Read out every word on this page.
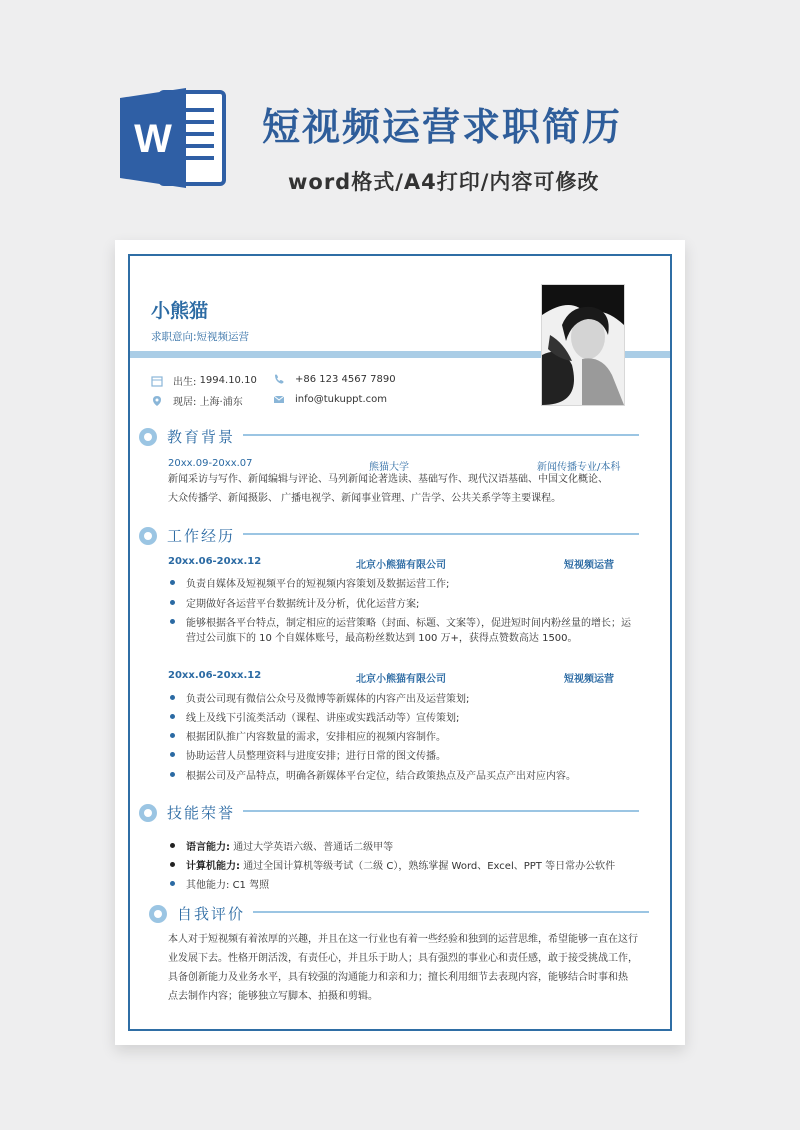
W 短视频运营求职简历
word格式/A4打印/内容可修改
小熊猫
求职意向:短视频运营
出生:
1994.10.10
现居:
上海·浦东
+86 123 4567 7890
info@tukuppt.com
教育背景
20xx.09-20xx.07	熊猫大学	新闻传播专业/本科
新闻采访与写作、新闻编辑与评论、马列新闻论著选读、基础写作、现代汉语基础、中国文化概论、
大众传播学、新闻摄影、 广播电视学、新闻事业管理、广告学、公共关系学等主要课程。
工作经历
20xx.06-20xx.12	北京小熊猫有限公司	短视频运营
负责自媒体及短视频平台的短视频内容策划及数据运营工作;
定期做好各运营平台数据统计及分析，优化运营方案;
能够根据各平台特点，制定相应的运营策略（封面、标题、文案等），促进短时间内粉丝量的增长；运
营过公司旗下的 10 个自媒体账号，最高粉丝数达到 100 万+，获得点赞数高达 1500。
20xx.06-20xx.12	北京小熊猫有限公司	短视频运营
负责公司现有微信公众号及微博等新媒体的内容产出及运营策划;
线上及线下引流类活动（课程、讲座或实践活动等）宣传策划;
根据团队推广内容数量的需求，安排相应的视频内容制作。
协助运营人员整理资料与进度安排；进行日常的图文传播。
根据公司及产品特点，明确各新媒体平台定位，结合政策热点及产品买点产出对应内容。
技能荣誉
语言能力:
通过大学英语六级、普通话二级甲等
计算机能力:
通过全国计算机等级考试（二级 C），熟练掌握 Word、Excel、PPT 等日常办公软件
其他能力:
C1 驾照
自我评价
本人对于短视频有着浓厚的兴趣，并且在这一行业也有着一些经验和独到的运营思维，希望能够一直在这行
业发展下去。性格开朗活泼，有责任心，并且乐于助人；具有强烈的事业心和责任感，敢于接受挑战工作，
具备创新能力及业务水平，具有较强的沟通能力和亲和力；擅长利用细节去表现内容，能够结合时事和热
点去制作内容；能够独立写脚本、拍摄和剪辑。
